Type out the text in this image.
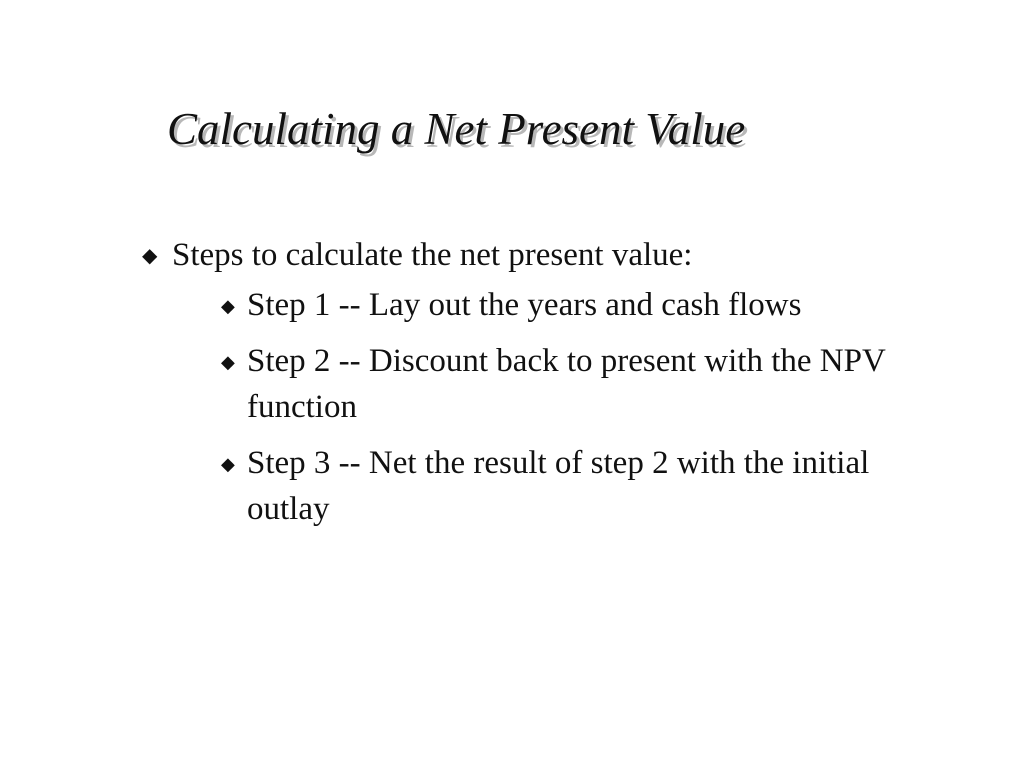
Calculating a Net Present Value
◆ Steps to calculate the net present value:
◆ Step 1 -- Lay out the years and cash flows
◆ Step 2 -- Discount back to present with the NPV function
◆ Step 3 -- Net the result of step 2 with the initial outlay
